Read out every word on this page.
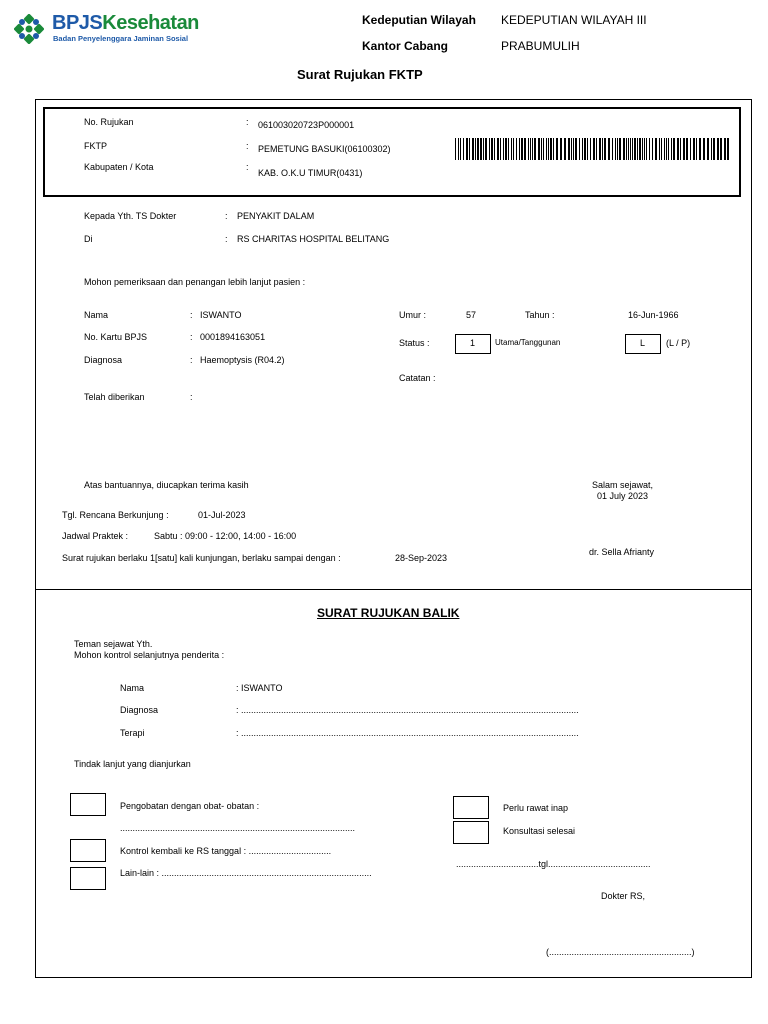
BPJSKesehatan
Badan Penyelenggara Jaminan Sosial
Kedeputian Wilayah KEDEPUTIAN WILAYAH III
Kantor Cabang	PRABUMULIH
Surat Rujukan FKTP
No. Rujukan	: 061003020723P000001
FKTP	: PEMETUNG BASUKI(06100302)
Kabupaten / Kota	:
KAB. O.K.U TIMUR(0431)
Kepada Yth. TS Dokter	: PENYAKIT DALAM
Di	: RS CHARITAS HOSPITAL BELITANG
Mohon pemeriksaan dan penangan lebih lanjut pasien :
Nama	: ISWANTO
No. Kartu BPJS	: 0001894163051
Diagnosa	: Haemoptysis (R04.2)
Telah diberikan	:
Umur :	57	Tahun :	16-Jun-1966
Status :	1 Utama/Tanggunan	L (L / P)
Catatan :
Atas bantuannya, diucapkan terima kasih	Salam sejawat,
01 July 2023
Tgl. Rencana Berkunjung :	01-Jul-2023
Jadwal Praktek :	Sabtu : 09:00 - 12:00, 14:00 - 16:00
Surat rujukan berlaku 1[satu] kali kunjungan, berlaku sampai dengan :	28-Sep-2023
dr. Sella Afrianty
SURAT RUJUKAN BALIK
Teman sejawat Yth.
Mohon kontrol selanjutnya penderita :
Nama	: ISWANTO
Diagnosa	: .......................................................................................................................................
Terapi	: .......................................................................................................................................
Tindak lanjut yang dianjurkan
Pengobatan dengan obat- obatan :
..............................................................................................
Kontrol kembali ke RS tanggal : .................................
Lain-lain : ....................................................................................
Perlu rawat inap
Konsultasi selesai
.................................tgl.........................................
Dokter RS,
(.........................................................)
